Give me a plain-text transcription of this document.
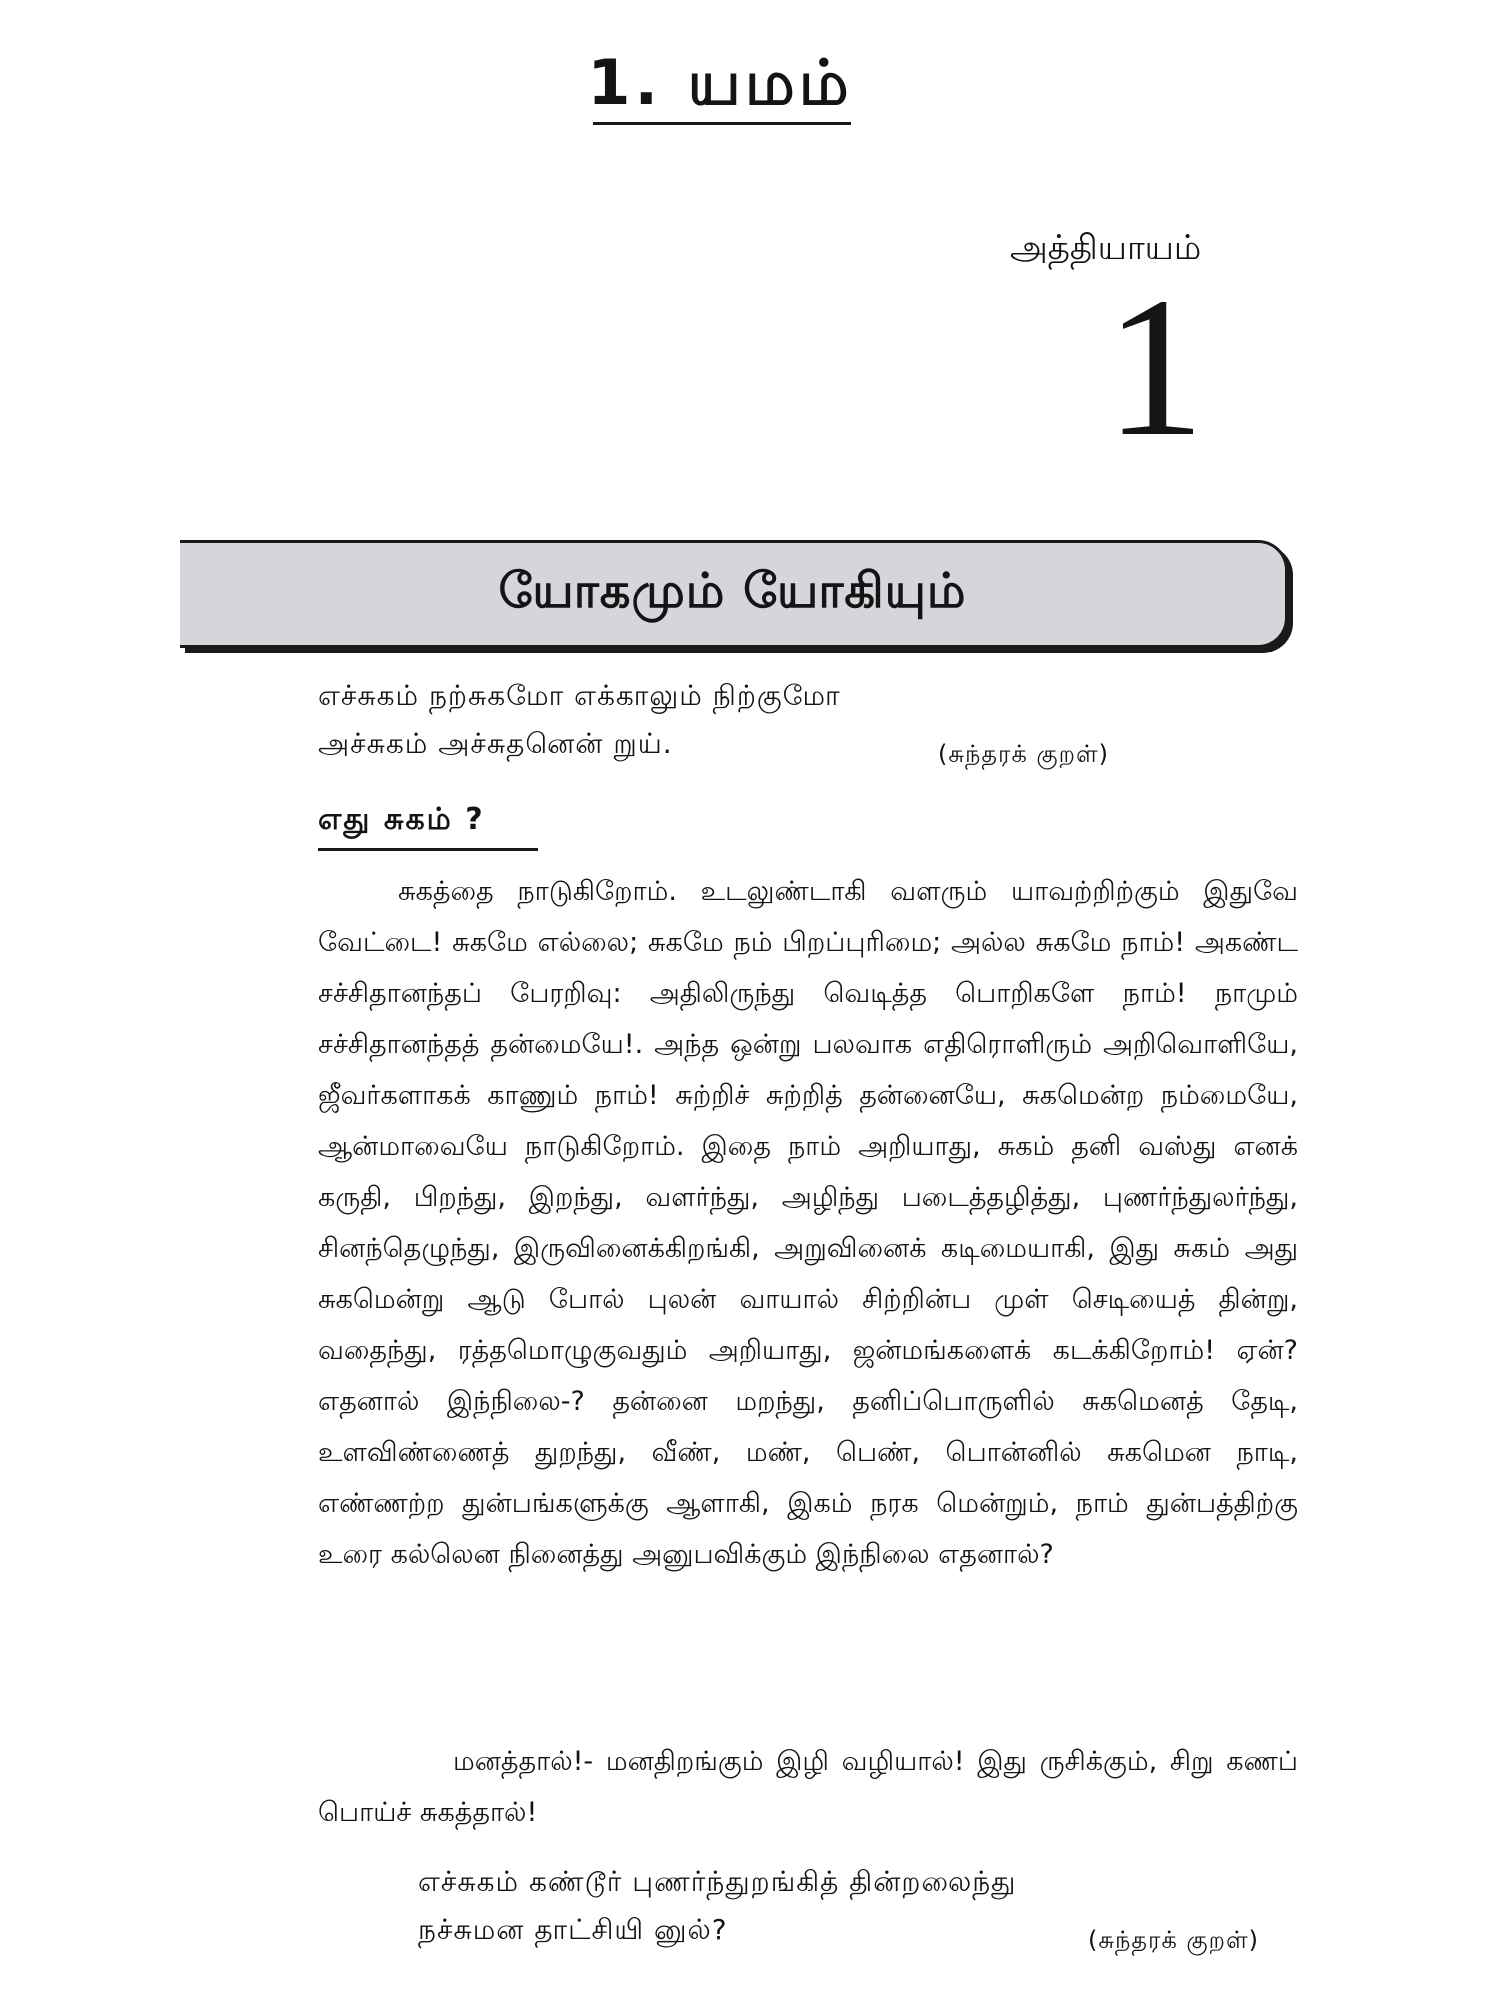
1. யமம்
அத்தியாயம்
1
யோகமும் யோகியும்
எச்சுகம் நற்சுகமோ எக்காலும் நிற்குமோ
அச்சுகம் அச்சுதனென் றுய்.	(சுந்தரக் குறள்)
எது சுகம் ?
சுகத்தை நாடுகிறோம். உடலுண்டாகி வளரும் யாவற்றிற்கும் இதுவே வேட்டை! சுகமே எல்லை; சுகமே நம் பிறப்புரிமை; அல்ல சுகமே நாம்! அகண்ட சச்சிதானந்தப் பேரறிவு: அதிலிருந்து வெடித்த பொறிகளே நாம்! நாமும் சச்சிதானந்தத் தன்மையே!. அந்த ஒன்று பலவாக எதிரொளிரும் அறிவொளியே, ஜீவர்களாகக் காணும் நாம்! சுற்றிச் சுற்றித் தன்னையே, சுகமென்ற நம்மையே, ஆன்மாவையே நாடுகிறோம். இதை நாம் அறியாது, சுகம் தனி வஸ்து எனக் கருதி, பிறந்து, இறந்து, வளர்ந்து, அழிந்து படைத்தழித்து, புணர்ந்துலர்ந்து, சினந்தெழுந்து, இருவினைக்கிறங்கி, அறுவினைக் கடிமையாகி, இது சுகம் அது சுகமென்று ஆடு போல் புலன் வாயால் சிற்றின்ப முள் செடியைத் தின்று, வதைந்து, ரத்தமொழுகுவதும் அறியாது, ஜன்மங்களைக் கடக்கிறோம்! ஏன்? எதனால் இந்நிலை-? தன்னை மறந்து, தனிப்பொருளில் சுகமெனத் தேடி, உளவிண்ணைத் துறந்து, வீண், மண், பெண், பொன்னில் சுகமென நாடி, எண்ணற்ற துன்பங்களுக்கு ஆளாகி, இகம் நரக மென்றும், நாம் துன்பத்திற்கு உரை கல்லென நினைத்து அனுபவிக்கும் இந்நிலை எதனால்?
மனத்தால்!- மனதிறங்கும் இழி வழியால்! இது ருசிக்கும், சிறு கணப் பொய்ச் சுகத்தால்!
எச்சுகம் கண்டூர் புணர்ந்துறங்கித் தின்றலைந்து
நச்சுமன தாட்சியி னுல்?	(சுந்தரக் குறள்)
